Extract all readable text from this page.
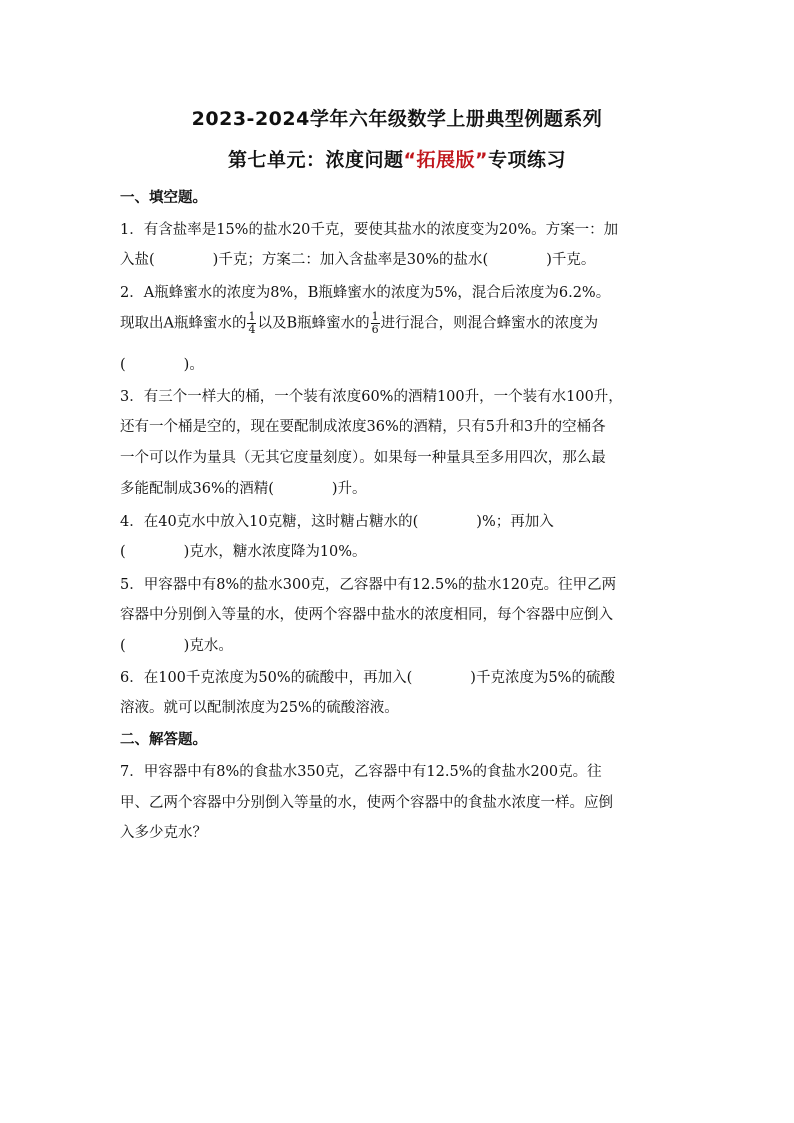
2023-2024学年六年级数学上册典型例题系列
第七单元：浓度问题“拓展版”专项练习
一、填空题。
1．有含盐率是15%的盐水20千克，要使其盐水的浓度变为20%。方案一：加
入盐(　　　　)千克；方案二：加入含盐率是30%的盐水(　　　　)千克。
2．A瓶蜂蜜水的浓度为8%，B瓶蜂蜜水的浓度为5%，混合后浓度为6.2%。
现取出A瓶蜂蜜水的 $\frac{1}{4}$ 以及B瓶蜂蜜水的 $\frac{1}{6}$ 进行混合，则混合蜂蜜水的浓度为
(　　　　)。
3．有三个一样大的桶，一个装有浓度60%的酒精100升，一个装有水100升，
还有一个桶是空的，现在要配制成浓度36%的酒精，只有5升和3升的空桶各
一个可以作为量具（无其它度量刻度）。如果每一种量具至多用四次，那么最
多能配制成36%的酒精(　　　　)升。
4．在40克水中放入10克糖，这时糖占糖水的(　　　　)%；再加入
(　　　　)克水，糖水浓度降为10%。
5．甲容器中有8%的盐水300克，乙容器中有12.5%的盐水120克。往甲乙两
容器中分别倒入等量的水，使两个容器中盐水的浓度相同，每个容器中应倒入
(　　　　)克水。
6．在100千克浓度为50%的硫酸中，再加入(　　　　)千克浓度为5%的硫酸
溶液。就可以配制浓度为25%的硫酸溶液。
二、解答题。
7．甲容器中有8%的食盐水350克，乙容器中有12.5%的食盐水200克。往
甲、乙两个容器中分别倒入等量的水，使两个容器中的食盐水浓度一样。应倒
入多少克水？
